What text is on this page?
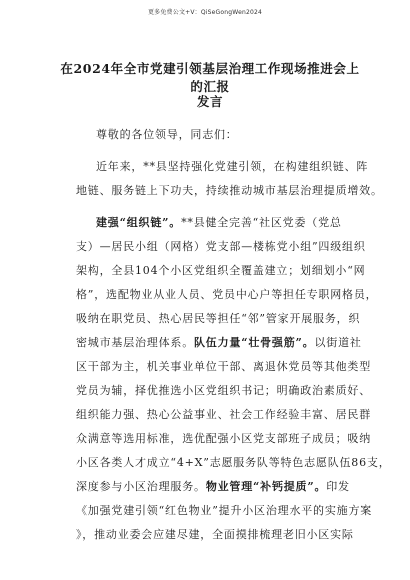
更多免费公文+V：QiSeGongWen2024
在2024年全市党建引领基层治理工作现场推进会上的汇报
发言
尊敬的各位领导，同志们：
近年来，**县坚持强化党建引领，在构建组织链、阵
地链、服务链上下功夫，持续推动城市基层治理提质增效。
建强“组织链”。**县健全完善“社区党委（党总
支）—居民小组（网格）党支部—楼栋党小组”四级组织
架构，全县104个小区党组织全覆盖建立；划细划小“网
格”，选配物业从业人员、党员中心户等担任专职网格员，
吸纳在职党员、热心居民等担任“邻”管家开展服务，织
密城市基层治理体系。队伍力量“壮骨强筋”。以街道社
区干部为主，机关事业单位干部、离退休党员等其他类型
党员为辅，择优推选小区党组织书记；明确政治素质好、
组织能力强、热心公益事业、社会工作经验丰富、居民群
众满意等选用标准，选优配强小区党支部班子成员；吸纳
小区各类人才成立“4+X”志愿服务队等特色志愿队伍86支，
深度参与小区治理服务。物业管理“补钙提质”。印发
《加强党建引领“红色物业”提升小区治理水平的实施方案
》，推动业委会应建尽建，全面摸排梳理老旧小区实际
